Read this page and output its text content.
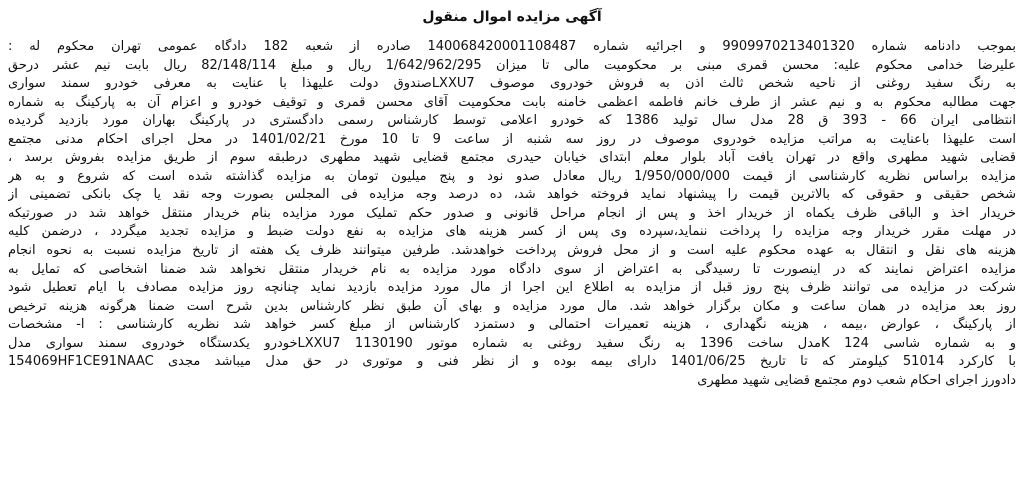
آگهی مزایده اموال منقول
بموجب دادنامه شماره 9909970213401320 و اجرائیه شماره 140068420001108487 صادره از شعبه 182 دادگاه عمومی تهران محکوم له :
علیرضا خدامی محکوم علیه: محسن قمری مبنی بر محکومیت مالی تا میزان 1/642/962/295 ریال و مبلغ 82/148/114 ریال بابت نیم عشر درحق
به رنگ سفید روغنی از ناحیه شخص ثالث اذن به فروش خودروی موصوف LXXU7صندوق دولت علیهذا با عنایت به معرفی خودرو سمند سواری
جهت مطالبه محکوم به و نیم عشر از طرف خانم فاطمه اعظمی خامنه بابت محکومیت آقای محسن قمری و توقیف خودرو و اعزام آن به پارکینگ به شماره
انتظامی ایران 66 - 393 ق 28 مدل سال تولید 1386 که خودرو اعلامی توسط کارشناس رسمی دادگستری در پارکینگ بهاران مورد بازدید گردیده
است علیهذا باعنایت به مراتب مزایده خودروی موصوف در روز سه شنبه از ساعت 9 تا 10 مورخ 1401/02/21 در محل اجرای احکام مدنی مجتمع
قضایی شهید مطهری واقع در تهران یافت آباد بلوار معلم ابتدای خیابان حیدری مجتمع قضایی شهید مطهری درطبقه سوم از طریق مزایده بفروش برسد ،
مزایده براساس نظریه کارشناسی از قیمت 1/950/000/000 ریال معادل صدو نود و پنج میلیون تومان به مزایده گذاشته شده است که شروع و به هر
شخص حقیقی و حقوقی که بالاترین قیمت را پیشنهاد نماید فروخته خواهد شد، ده درصد وجه مزایده فی المجلس بصورت وجه نقد یا چک بانکی تضمینی از
خریدار اخذ و الباقی ظرف یکماه از خریدار اخذ و پس از انجام مراحل قانونی و صدور حکم تملیک مورد مزایده بنام خریدار منتقل خواهد شد در صورتیکه
در مهلت مقرر خریدار وجه مزایده را پرداخت ننماید،سپرده وی پس از کسر هزینه های مزایده به نفع دولت ضبط و مزایده تجدید میگردد ، درضمن کلیه
هزینه های نقل و انتقال به عهده محکوم علیه است و از محل فروش پرداخت خواهدشد. طرفین میتوانند ظرف یک هفته از تاریخ مزایده نسبت به نحوه انجام
مزایده اعتراض نمایند که در اینصورت تا رسیدگی به اعتراض از سوی دادگاه مورد مزایده به نام خریدار منتقل نخواهد شد ضمنا اشخاصی که تمایل به
شرکت در مزایده می توانند ظرف پنج روز قبل از مزایده به اطلاع این اجرا از مال مورد مزایده بازدید نماید چنانچه روز مزایده مصادف با ایام تعطیل شود
روز بعد مزایده در همان ساعت و مکان برگزار خواهد شد. مال مورد مزایده و بهای آن طبق نظر کارشناس بدین شرح است ضمنا هرگونه هزینه ترخیص
از پارکینگ ، عوارض ،بیمه ، هزینه نگهداری ، هزینه تعمیرات احتمالی و دستمزد کارشناس از مبلغ کسر خواهد شد نظریه کارشناسی : ا- مشخصات
و به شماره شاسی K 124مدل ساخت 1396 به رنگ سفید روغنی به شماره موتور 1130190 LXXU7خودرو یکدستگاه خودروی سمند سواری مدل
با کارکرد 51014 کیلومتر که تا تاریخ 1401/06/25 دارای بیمه بوده و از نظر فنی و موتوری در حق مدل میباشد مجدی 154069HF1CE91NAAC
دادورز اجرای احکام شعب دوم مجتمع قضایی شهید مطهری
